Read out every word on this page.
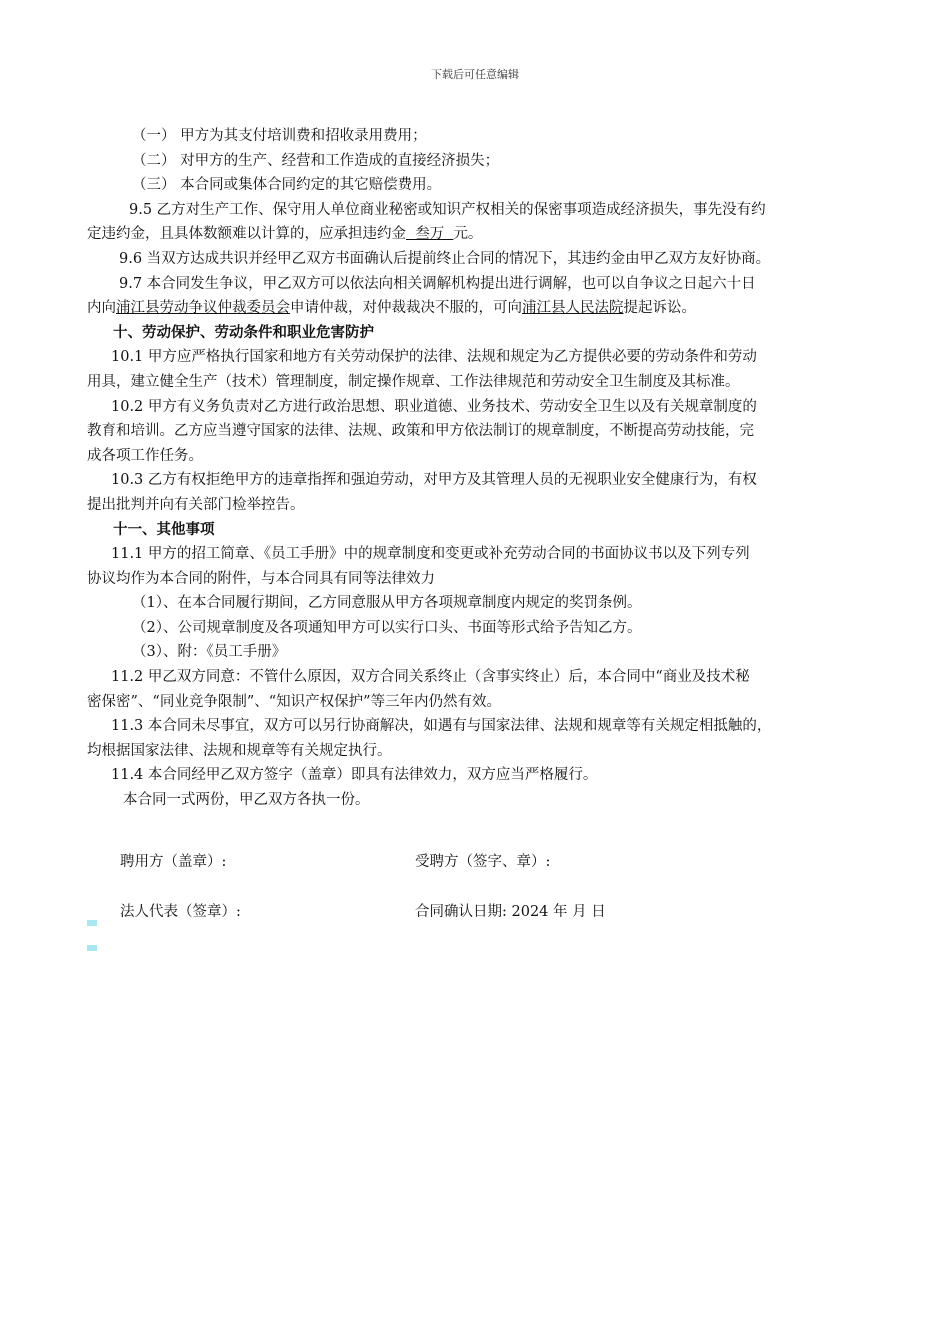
下载后可任意编辑
（一） 甲方为其支付培训费和招收录用费用；
（二） 对甲方的生产、经营和工作造成的直接经济损失；
（三） 本合同或集体合同约定的其它赔偿费用。
9.5 乙方对生产工作、保守用人单位商业秘密或知识产权相关的保密事项造成经济损失，事先没有约
定违约金，且具体数额难以计算的，应承担违约金  叁万  元。
9.6 当双方达成共识并经甲乙双方书面确认后提前终止合同的情况下，其违约金由甲乙双方友好协商。
9.7 本合同发生争议，甲乙双方可以依法向相关调解机构提出进行调解，也可以自争议之日起六十日
内向浦江县劳动争议仲裁委员会申请仲裁，对仲裁裁决不服的，可向浦江县人民法院提起诉讼。
十、劳动保护、劳动条件和职业危害防护
10.1 甲方应严格执行国家和地方有关劳动保护的法律、法规和规定为乙方提供必要的劳动条件和劳动
用具，建立健全生产（技术）管理制度，制定操作规章、工作法律规范和劳动安全卫生制度及其标准。
10.2 甲方有义务负责对乙方进行政治思想、职业道德、业务技术、劳动安全卫生以及有关规章制度的
教育和培训。乙方应当遵守国家的法律、法规、政策和甲方依法制订的规章制度，不断提高劳动技能，完
成各项工作任务。
10.3 乙方有权拒绝甲方的违章指挥和强迫劳动，对甲方及其管理人员的无视职业安全健康行为，有权
提出批判并向有关部门检举控告。
十一、其他事项
11.1 甲方的招工简章、《员工手册》中的规章制度和变更或补充劳动合同的书面协议书以及下列专列
协议均作为本合同的附件，与本合同具有同等法律效力
（1）、在本合同履行期间，乙方同意服从甲方各项规章制度内规定的奖罚条例。
（2）、公司规章制度及各项通知甲方可以实行口头、书面等形式给予告知乙方。
（3）、附：《员工手册》
11.2 甲乙双方同意：不管什么原因，双方合同关系终止（含事实终止）后，本合同中“商业及技术秘
密保密”、“同业竞争限制”、“知识产权保护”等三年内仍然有效。
11.3 本合同未尽事宜，双方可以另行协商解决，如遇有与国家法律、法规和规章等有关规定相抵触的，
均根据国家法律、法规和规章等有关规定执行。
11.4 本合同经甲乙双方签字（盖章）即具有法律效力，双方应当严格履行。
本合同一式两份，甲乙双方各执一份。
聘用方（盖章）:	受聘方（签字、章）:
法人代表（签章）:	合同确认日期: 2024 年 月 日
